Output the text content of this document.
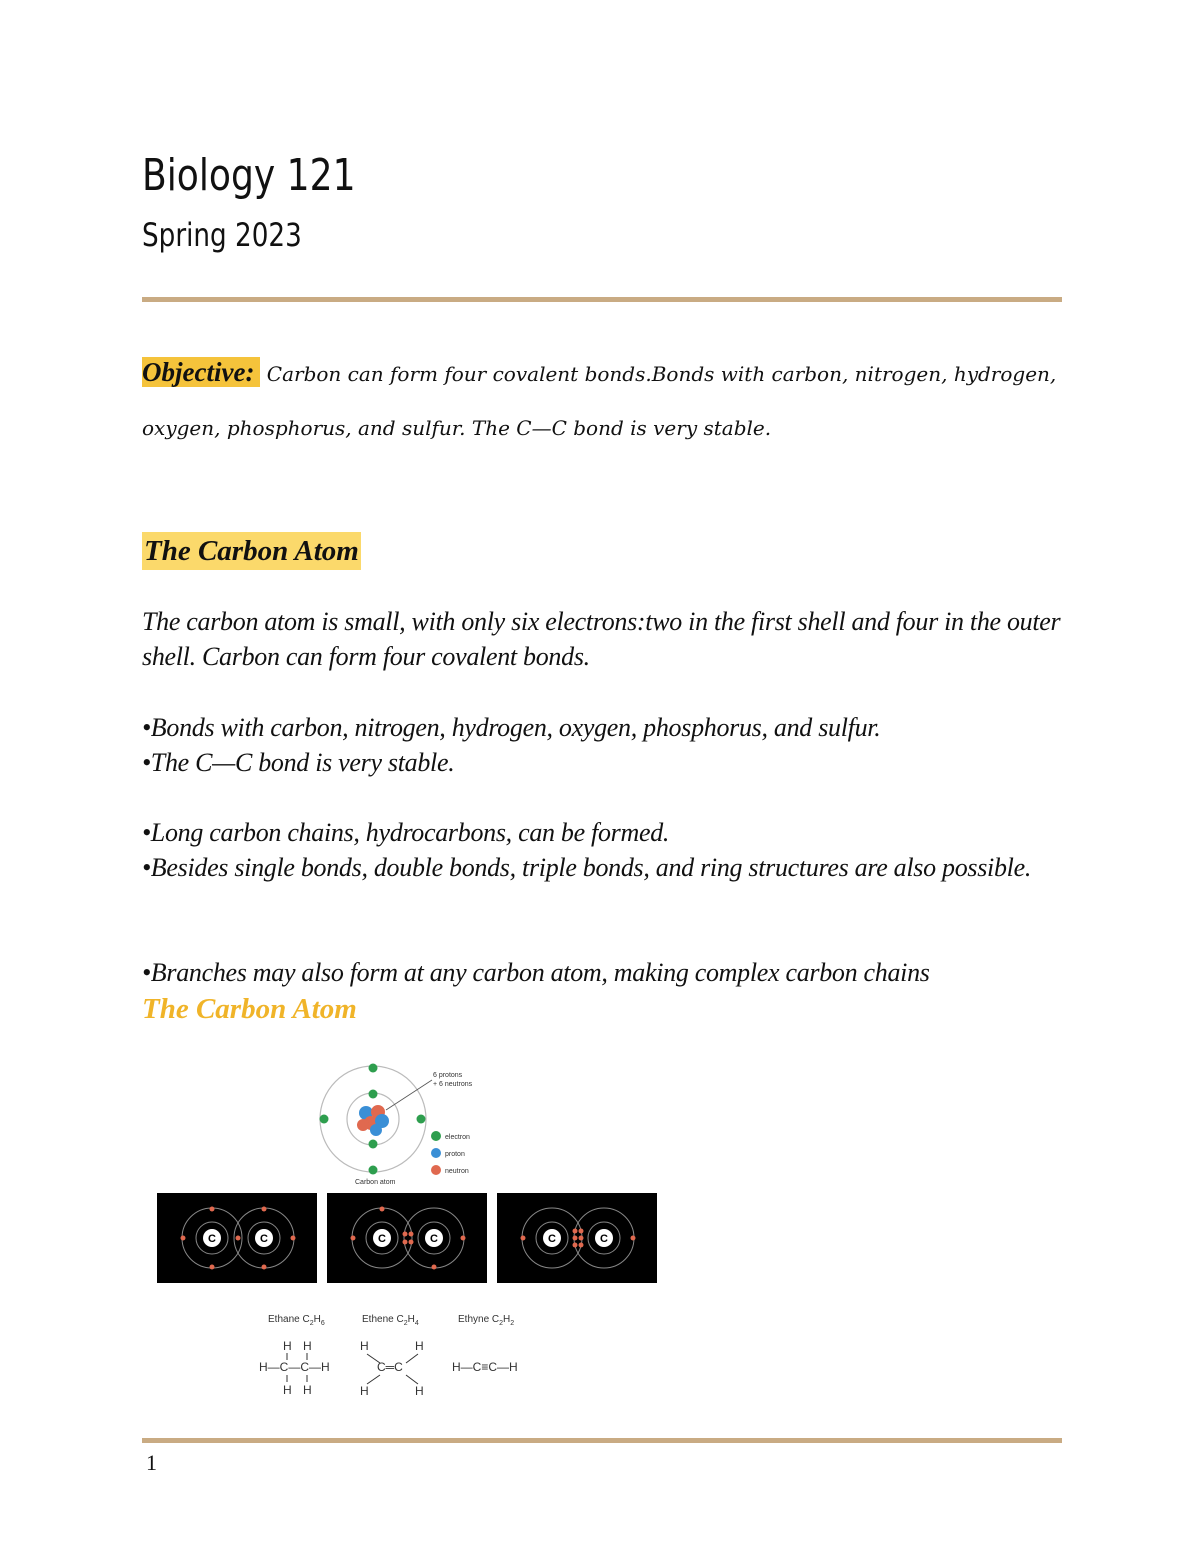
Biology 121
Spring 2023
Objective: Carbon can form four covalent bonds.Bonds with carbon, nitrogen, hydrogen, oxygen, phosphorus, and sulfur. The C—C bond is very stable.
The Carbon Atom
The carbon atom is small, with only six electrons:two in the first shell and four in the outer shell. Carbon can form four covalent bonds.
•Bonds with carbon, nitrogen, hydrogen, oxygen, phosphorus, and sulfur.
•The C—C bond is very stable.
•Long carbon chains, hydrocarbons, can be formed.
•Besides single bonds, double bonds, triple bonds, and ring structures are also possible.
•Branches may also form at any carbon atom, making complex carbon chains
The Carbon Atom
6 protons
+ 6 neutrons
Carbon atom
electron
proton
neutron
C	C	C	C	C	C
Ethane $C_2H_6$	Ethene $C_2H_4$	Ethyne $C_2H_2$
H H
H—C—C—H
H H
H	H
C═C
H	H
H—C≡C—H
1
